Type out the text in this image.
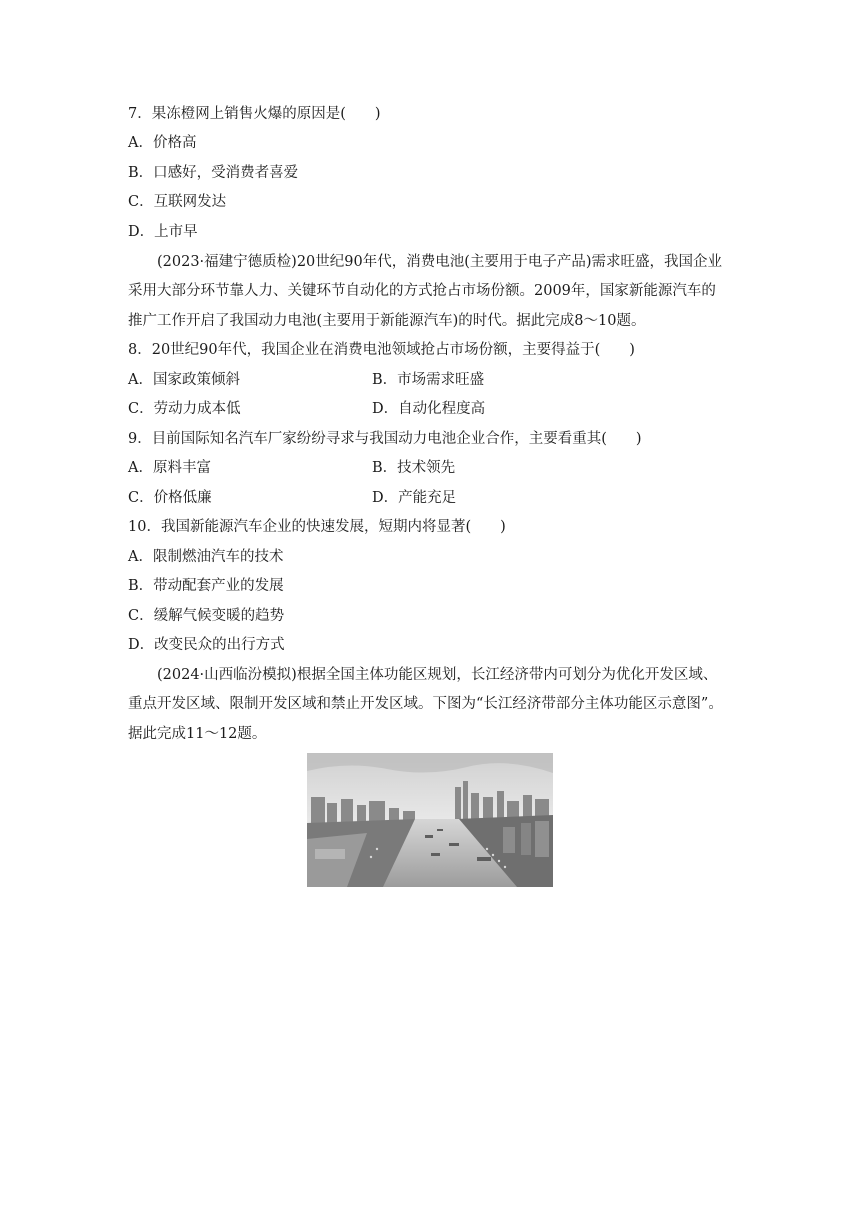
7．果冻橙网上销售火爆的原因是(　　)
A．价格高
B．口感好，受消费者喜爱
C．互联网发达
D．上市早
(2023·福建宁德质检)20世纪90年代，消费电池(主要用于电子产品)需求旺盛，我国企业
采用大部分环节靠人力、关键环节自动化的方式抢占市场份额。2009年，国家新能源汽车的
推广工作开启了我国动力电池(主要用于新能源汽车)的时代。据此完成8～10题。
8．20世纪90年代，我国企业在消费电池领域抢占市场份额，主要得益于(　　)
A．国家政策倾斜	B．市场需求旺盛
C．劳动力成本低	D．自动化程度高
9．目前国际知名汽车厂家纷纷寻求与我国动力电池企业合作，主要看重其(　　)
A．原料丰富	B．技术领先
C．价格低廉	D．产能充足
10．我国新能源汽车企业的快速发展，短期内将显著(　　)
A．限制燃油汽车的技术
B．带动配套产业的发展
C．缓解气候变暖的趋势
D．改变民众的出行方式
(2024·山西临汾模拟)根据全国主体功能区规划，长江经济带内可划分为优化开发区域、
重点开发区域、限制开发区域和禁止开发区域。下图为“长江经济带部分主体功能区示意图”。
据此完成11～12题。
